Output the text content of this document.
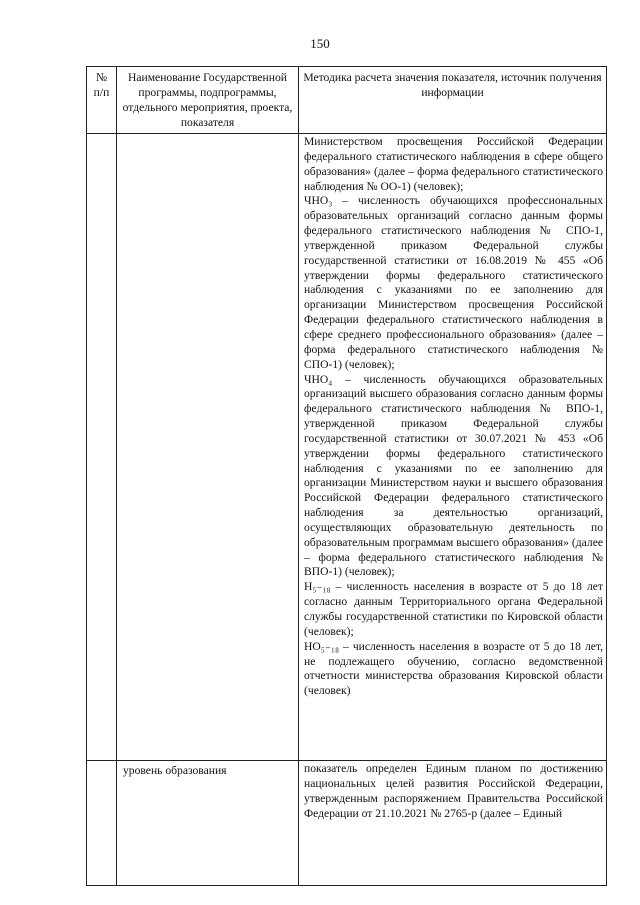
150
№ п/п	Наименование Государственной программы, подпрограммы, отдельного мероприятия, проекта, показателя	Методика расчета значения показателя, источник получения информации

		Министерством просвещения Российской Федерации федерального статистического наблюдения в сфере общего образования» (далее – форма федерального статистического наблюдения № ОО-1) (человек);
ЧНО₃ – численность обучающихся профессиональных образовательных организаций согласно данным формы федерального статистического наблюдения № СПО-1, утвержденной приказом Федеральной службы государственной статистики от 16.08.2019 № 455 «Об утверждении формы федерального статистического наблюдения с указаниями по ее заполнению для организации Министерством просвещения Российской Федерации федерального статистического наблюдения в сфере среднего профессионального образования» (далее – форма федерального статистического наблюдения № СПО-1) (человек);
ЧНО₄ – численность обучающихся образовательных организаций высшего образования согласно данным формы федерального статистического наблюдения № ВПО-1, утвержденной приказом Федеральной службы государственной статистики от 30.07.2021 № 453 «Об утверждении формы федерального статистического наблюдения с указаниями по ее заполнению для организации Министерством науки и высшего образования Российской Федерации федерального статистического наблюдения за деятельностью организаций, осуществляющих образовательную деятельность по образовательным программам высшего образования» (далее – форма федерального статистического наблюдения № ВПО-1) (человек);
Н₅₋₁₈ – численность населения в возрасте от 5 до 18 лет согласно данным Территориального органа Федеральной службы государственной статистики по Кировской области (человек);
НО₅₋₁₈ – численность населения в возрасте от 5 до 18 лет, не подлежащего обучению, согласно ведомственной отчетности министерства образования Кировской области (человек)

	уровень образования	показатель определен Единым планом по достижению национальных целей развития Российской Федерации, утвержденным распоряжением Правительства Российской Федерации от 21.10.2021 № 2765-р (далее – Единый
